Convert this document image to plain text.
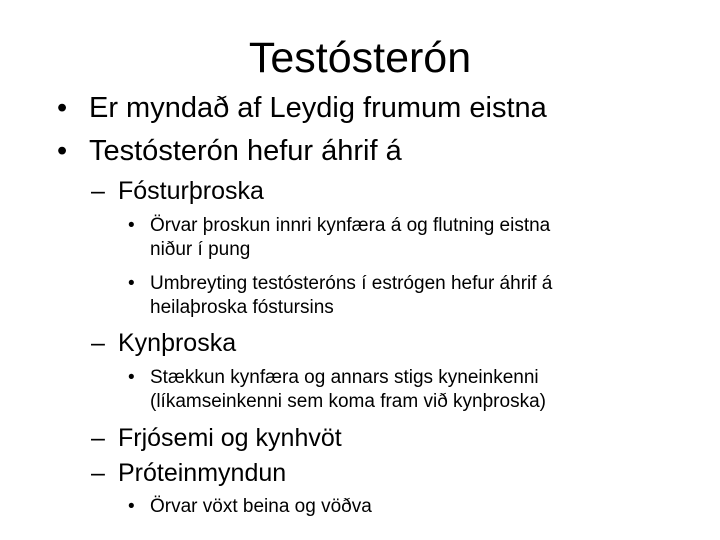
Testósterón
• Er myndað af Leydig frumum eistna
• Testósterón hefur áhrif á
– Fósturþroska
• Örvar þroskun innri kynfæra á og flutning eistna
niður í pung
• Umbreyting testósteróns í estrógen hefur áhrif á
heilaþroska fóstursins
– Kynþroska
• Stækkun kynfæra og annars stigs kyneinkenni
(líkamseinkenni sem koma fram við kynþroska)
– Frjósemi og kynhvöt
– Próteinmyndun
• Örvar vöxt beina og vöðva
